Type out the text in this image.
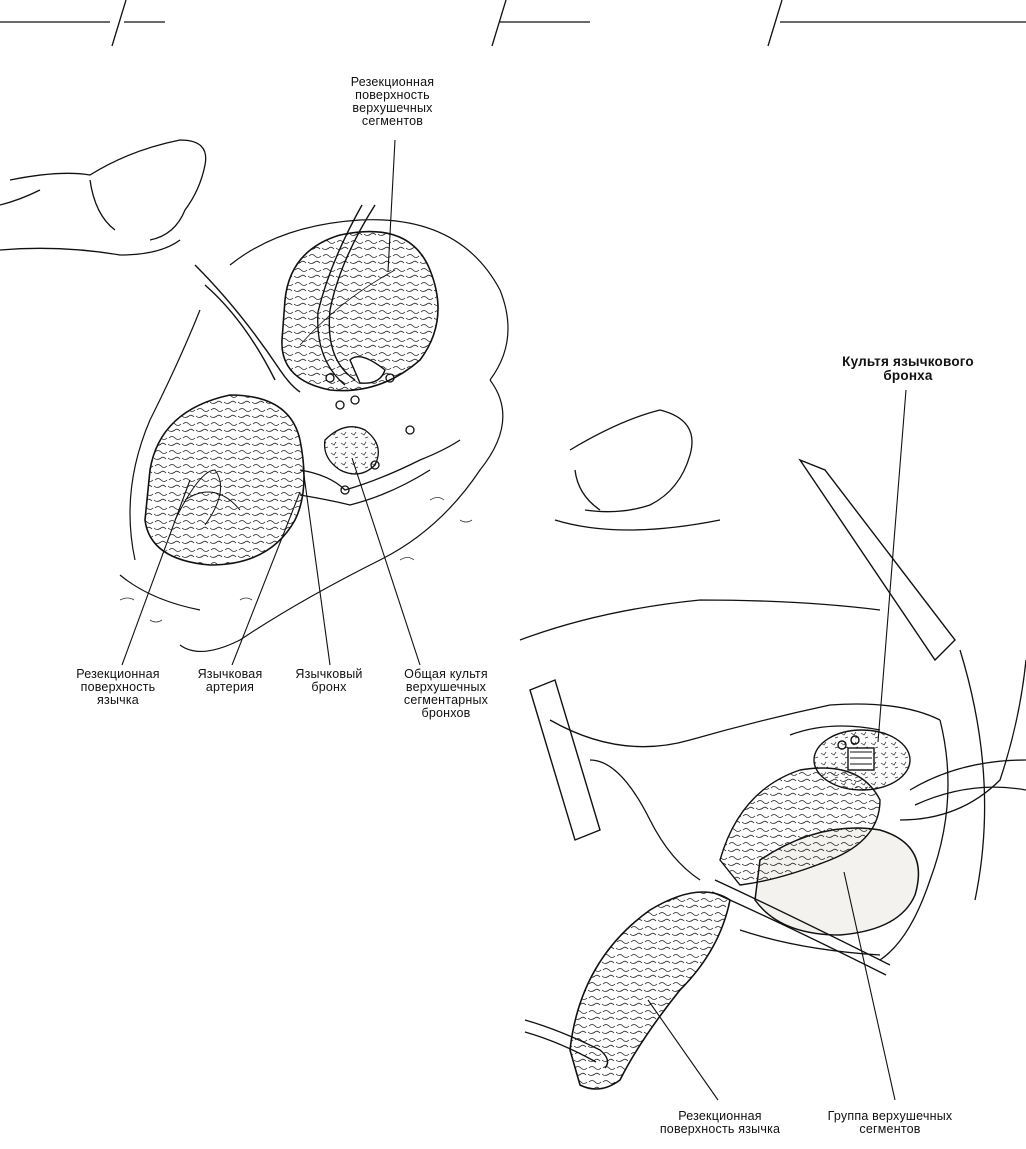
Резекционная
поверхность
верхушечных
сегментов
Резекционная
поверхность
язычка
Язычковая
артерия
Язычковый
бронх
Общая культя
верхушечных
сегментарных
бронхов
Культя язычкового
бронха
Резекционная
поверхность язычка
Группа верхушечных
сегментов
